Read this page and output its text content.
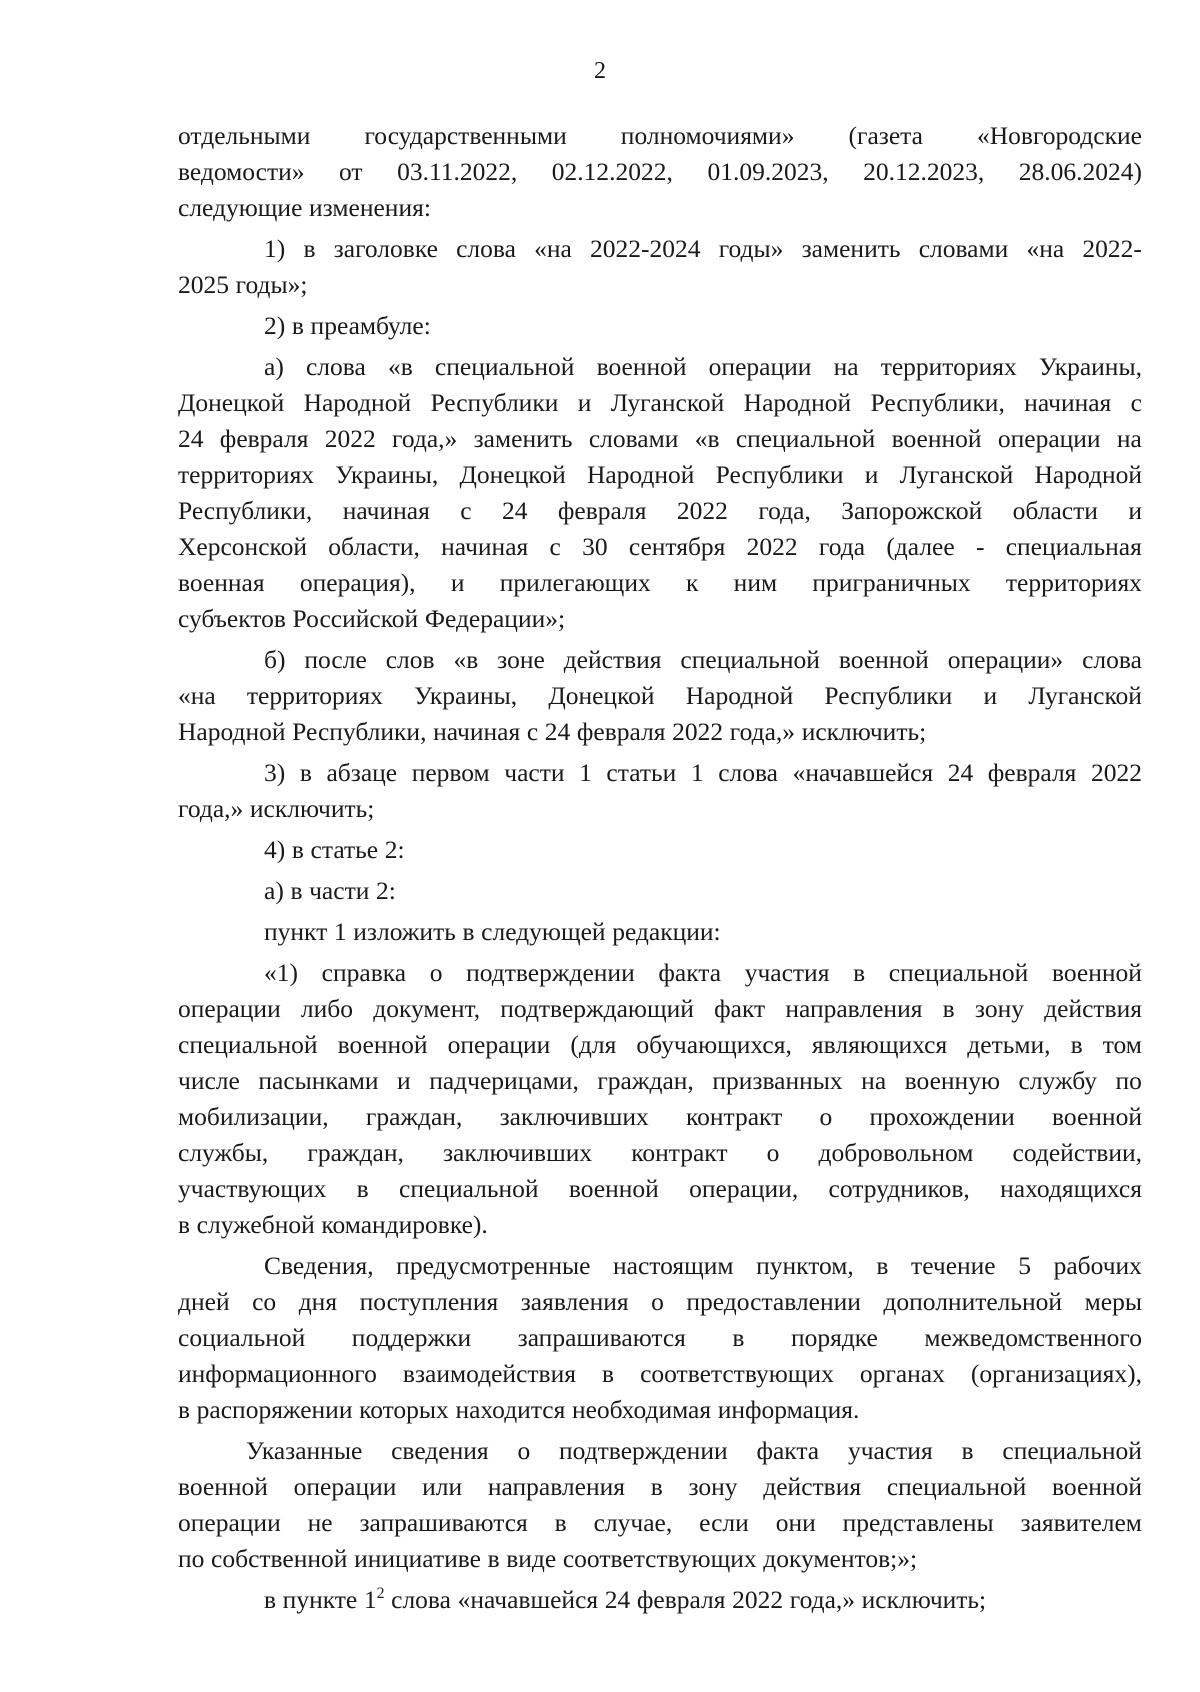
2
отдельными государственными полномочиями» (газета «Новгородские
ведомости» от 03.11.2022, 02.12.2022, 01.09.2023, 20.12.2023, 28.06.2024)
следующие изменения:
1) в заголовке слова «на 2022-2024 годы» заменить словами «на 2022-
2025 годы»;
2) в преамбуле:
а) слова «в специальной военной операции на территориях Украины,
Донецкой Народной Республики и Луганской Народной Республики, начиная с
24 февраля 2022 года,» заменить словами «в специальной военной операции на
территориях Украины, Донецкой Народной Республики и Луганской Народной
Республики, начиная с 24 февраля 2022 года, Запорожской области и
Херсонской области, начиная с 30 сентября 2022 года (далее - специальная
военная операция), и прилегающих к ним приграничных территориях
субъектов Российской Федерации»;
б) после слов «в зоне действия специальной военной операции» слова
«на территориях Украины, Донецкой Народной Республики и Луганской
Народной Республики, начиная с 24 февраля 2022 года,» исключить;
3) в абзаце первом части 1 статьи 1 слова «начавшейся 24 февраля 2022
года,» исключить;
4) в статье 2:
а) в части 2:
пункт 1 изложить в следующей редакции:
«1) справка о подтверждении факта участия в специальной военной
операции либо документ, подтверждающий факт направления в зону действия
специальной военной операции (для обучающихся, являющихся детьми, в том
числе пасынками и падчерицами, граждан, призванных на военную службу по
мобилизации, граждан, заключивших контракт о прохождении военной
службы, граждан, заключивших контракт о добровольном содействии,
участвующих в специальной военной операции, сотрудников, находящихся
в служебной командировке).
Сведения, предусмотренные настоящим пунктом, в течение 5 рабочих
дней со дня поступления заявления о предоставлении дополнительной меры
социальной поддержки запрашиваются в порядке межведомственного
информационного взаимодействия в соответствующих органах (организациях),
в распоряжении которых находится необходимая информация.
Указанные сведения о подтверждении факта участия в специальной
военной операции или направления в зону действия специальной военной
операции не запрашиваются в случае, если они представлены заявителем
по собственной инициативе в виде соответствующих документов;»;
в пункте $1^2$ слова «начавшейся 24 февраля 2022 года,» исключить;
